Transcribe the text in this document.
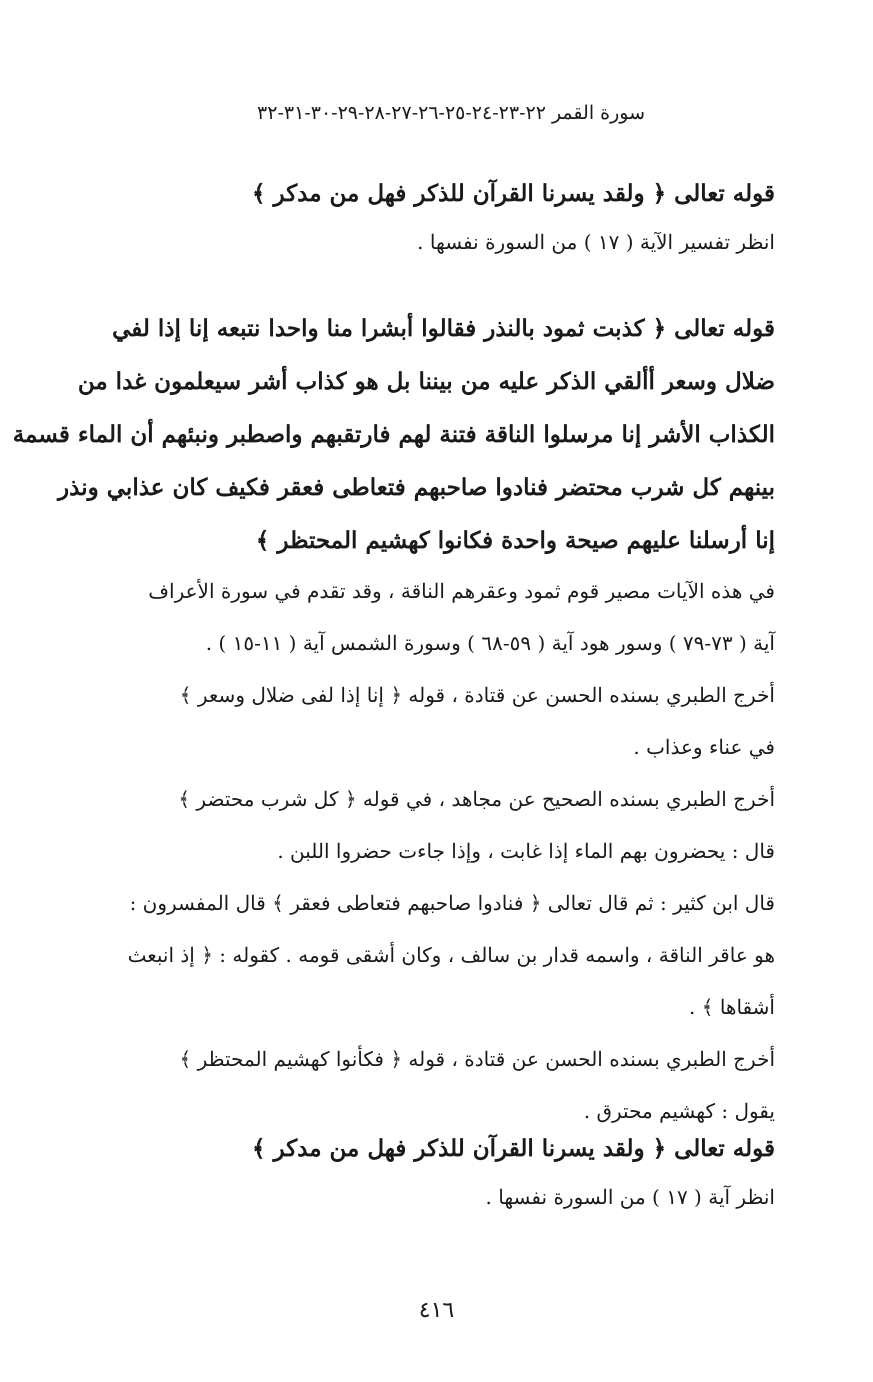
سورة القمر ٢٢-٢٣-٢٤-٢٥-٢٦-٢٧-٢٨-٢٩-٣٠-٣١-٣٢
قوله تعالى ﴿ ولقد يسرنا القرآن للذكر فهل من مدكر ﴾
انظر تفسير الآية ( ١٧ ) من السورة نفسها .
قوله تعالى ﴿ كذبت ثمود بالنذر فقالوا أبشرا منا واحدا نتبعه إنا إذا لفي
ضلال وسعر أألقي الذكر عليه من بيننا بل هو كذاب أشر سيعلمون غدا من
الكذاب الأشر إنا مرسلوا الناقة فتنة لهم فارتقبهم واصطبر ونبئهم أن الماء قسمة
بينهم كل شرب محتضر فنادوا صاحبهم فتعاطى فعقر فكيف كان عذابي ونذر
إنا أرسلنا عليهم صيحة واحدة فكانوا كهشيم المحتظر ﴾
في هذه الآيات مصير قوم ثمود وعقرهم الناقة ، وقد تقدم في سورة الأعراف
آية ( ٧٣-٧٩ ) وسور هود آية ( ٥٩-٦٨ ) وسورة الشمس آية ( ١١-١٥ ) .
أخرج الطبري بسنده الحسن عن قتادة ، قوله ﴿ إنا إذا لفى ضلال وسعر ﴾
في عناء وعذاب .
أخرج الطبري بسنده الصحيح عن مجاهد ، في قوله ﴿ كل شرب محتضر ﴾
قال : يحضرون بهم الماء إذا غابت ، وإذا جاءت حضروا اللبن .
قال ابن كثير : ثم قال تعالى ﴿ فنادوا صاحبهم فتعاطى فعقر ﴾ قال المفسرون :
هو عاقر الناقة ، واسمه قدار بن سالف ، وكان أشقى قومه . كقوله : ﴿ إذ انبعث
أشقاها ﴾ .
أخرج الطبري بسنده الحسن عن قتادة ، قوله ﴿ فكأنوا كهشيم المحتظر ﴾
يقول : كهشيم محترق .
قوله تعالى ﴿ ولقد يسرنا القرآن للذكر فهل من مدكر ﴾
انظر آية ( ١٧ ) من السورة نفسها .
٤١٦
